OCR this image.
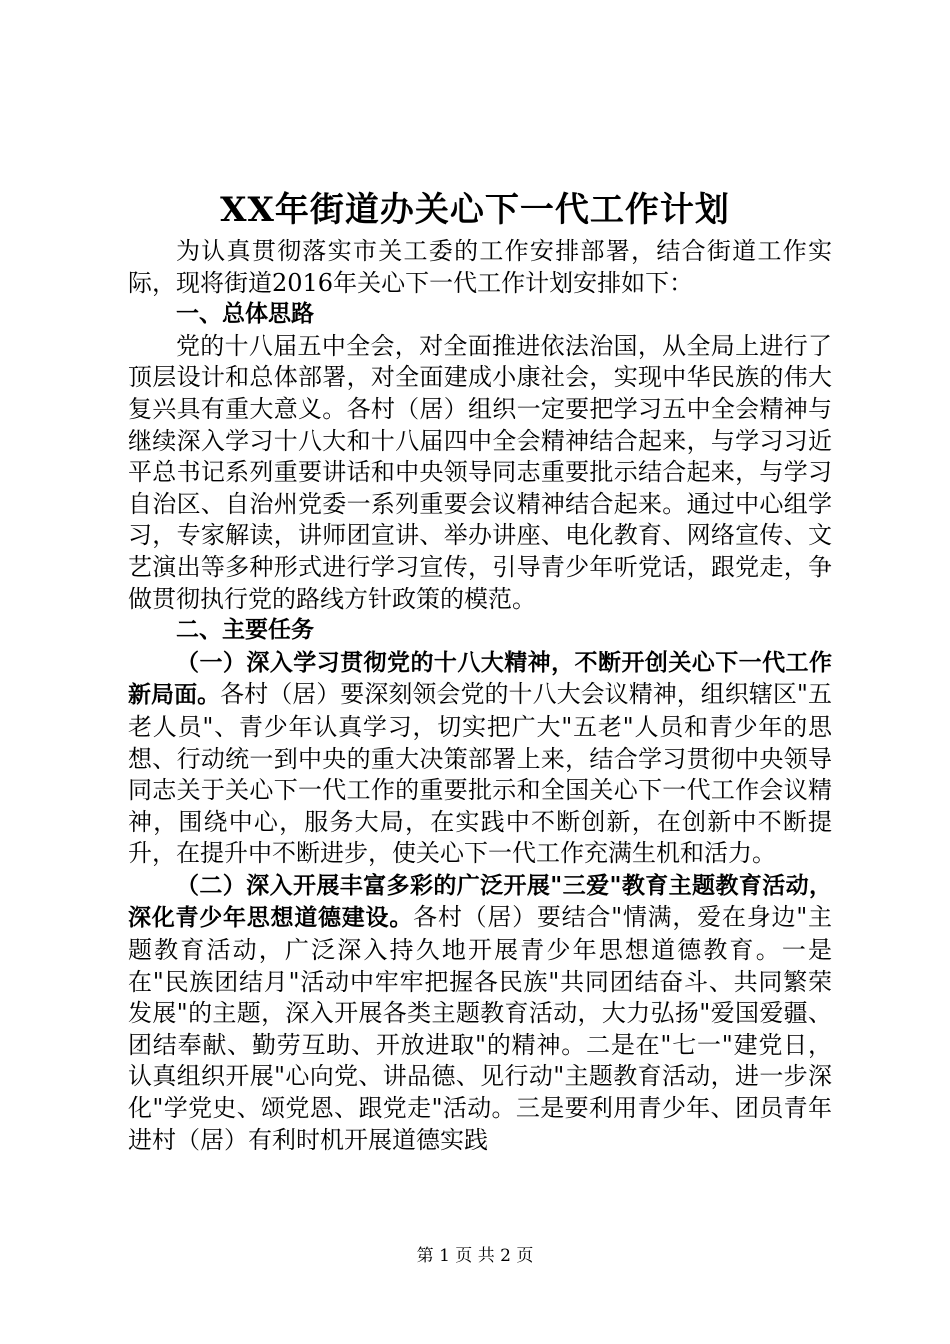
XX年街道办关心下一代工作计划

为认真贯彻落实市关工委的工作安排部署，结合街道工作实际，现将街道2016年关心下一代工作计划安排如下：

一、总体思路

党的十八届五中全会，对全面推进依法治国，从全局上进行了顶层设计和总体部署，对全面建成小康社会，实现中华民族的伟大复兴具有重大意义。各村（居）组织一定要把学习五中全会精神与继续深入学习十八大和十八届四中全会精神结合起来，与学习习近平总书记系列重要讲话和中央领导同志重要批示结合起来，与学习自治区、自治州党委一系列重要会议精神结合起来。通过中心组学习，专家解读，讲师团宣讲、举办讲座、电化教育、网络宣传、文艺演出等多种形式进行学习宣传，引导青少年听党话，跟党走，争做贯彻执行党的路线方针政策的模范。

二、主要任务

（一）深入学习贯彻党的十八大精神，不断开创关心下一代工作新局面。各村（居）要深刻领会党的十八大会议精神，组织辖区"五老人员"、青少年认真学习，切实把广大"五老"人员和青少年的思想、行动统一到中央的重大决策部署上来，结合学习贯彻中央领导同志关于关心下一代工作的重要批示和全国关心下一代工作会议精神，围绕中心，服务大局，在实践中不断创新，在创新中不断提升，在提升中不断进步，使关心下一代工作充满生机和活力。

（二）深入开展丰富多彩的广泛开展"三爱"教育主题教育活动，深化青少年思想道德建设。各村（居）要结合"情满，爱在身边"主题教育活动，广泛深入持久地开展青少年思想道德教育。一是在"民族团结月"活动中牢牢把握各民族"共同团结奋斗、共同繁荣发展"的主题，深入开展各类主题教育活动，大力弘扬"爱国爱疆、团结奉献、勤劳互助、开放进取"的精神。二是在"七一"建党日，认真组织开展"心向党、讲品德、见行动"主题教育活动，进一步深化"学党史、颂党恩、跟党走"活动。三是要利用青少年、团员青年进村（居）有利时机开展道德实践

第 1 页 共 2 页
